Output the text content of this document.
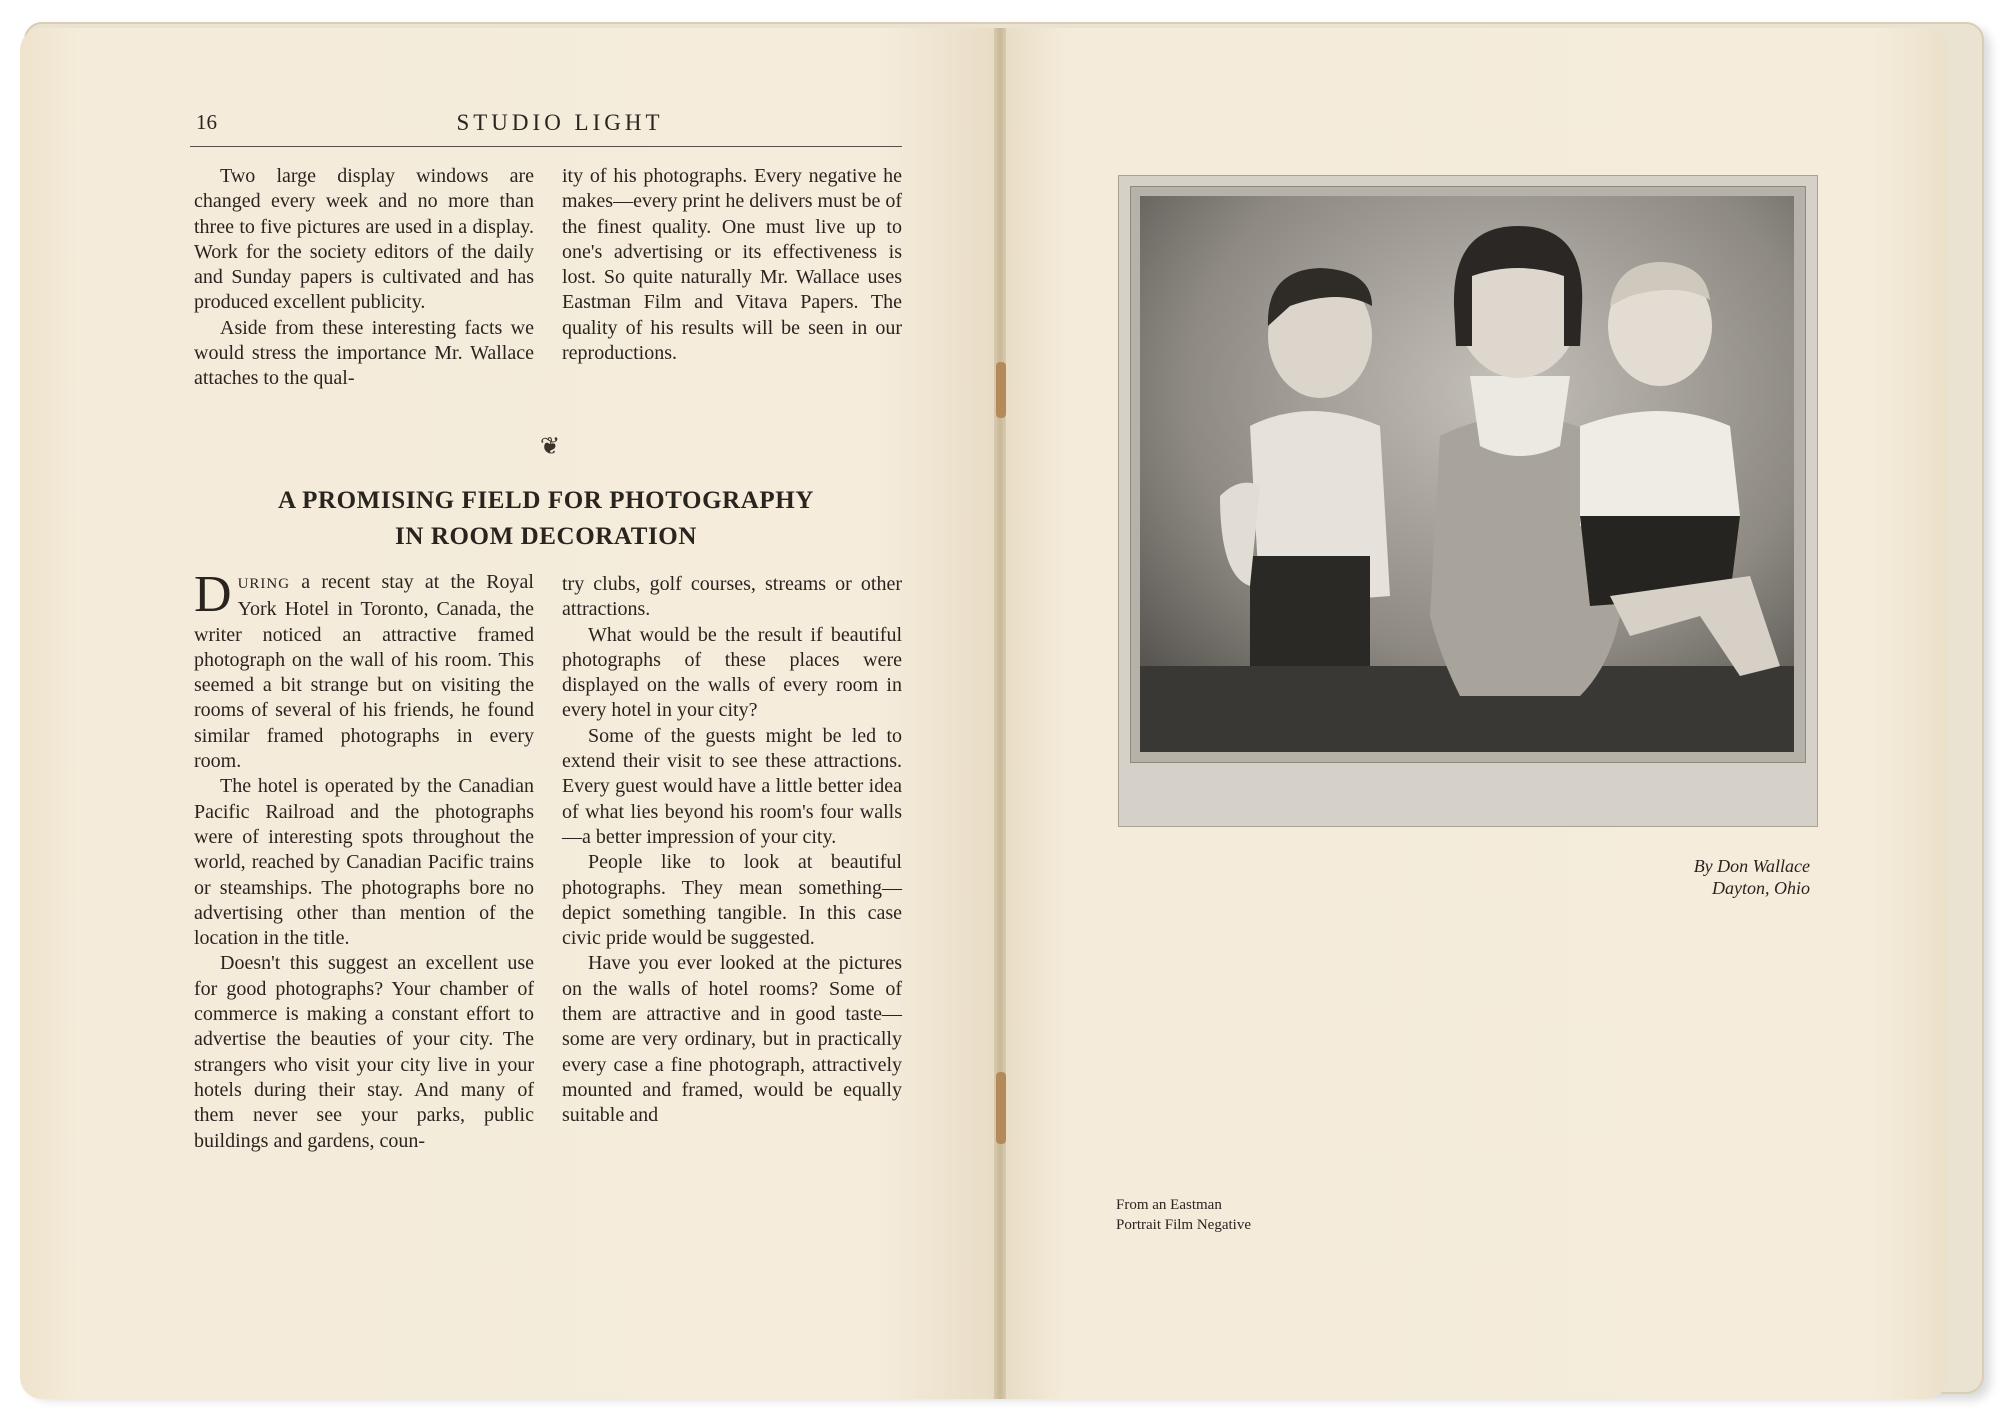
16	STUDIO LIGHT

Two large display windows are changed every week and no more than three to five pictures are used in a display. Work for the society editors of the daily and Sunday papers is cultivated and has produced excellent publicity.

Aside from these interesting facts we would stress the importance Mr. Wallace attaches to the qual-

ity of his photographs. Every negative he makes—every print he delivers must be of the finest quality. One must live up to one's advertising or its effectiveness is lost. So quite naturally Mr. Wallace uses Eastman Film and Vitava Papers. The quality of his results will be seen in our reproductions.

❦
A PROMISING FIELD FOR PHOTOGRAPHY
IN ROOM DECORATION

DURING a recent stay at the Royal York Hotel in Toronto, Canada, the writer noticed an attractive framed photograph on the wall of his room. This seemed a bit strange but on visiting the rooms of several of his friends, he found similar framed photographs in every room.

The hotel is operated by the Canadian Pacific Railroad and the photographs were of interesting spots throughout the world, reached by Canadian Pacific trains or steamships. The photographs bore no advertising other than mention of the location in the title.

Doesn't this suggest an excellent use for good photographs? Your chamber of commerce is making a constant effort to advertise the beauties of your city. The strangers who visit your city live in your hotels during their stay. And many of them never see your parks, public buildings and gardens, coun-

try clubs, golf courses, streams or other attractions.

What would be the result if beautiful photographs of these places were displayed on the walls of every room in every hotel in your city?

Some of the guests might be led to extend their visit to see these attractions. Every guest would have a little better idea of what lies beyond his room's four walls—a better impression of your city.

People like to look at beautiful photographs. They mean something—depict something tangible. In this case civic pride would be suggested.

Have you ever looked at the pictures on the walls of hotel rooms? Some of them are attractive and in good taste—some are very ordinary, but in practically every case a fine photograph, attractively mounted and framed, would be equally suitable and

By Don Wallace
Dayton, Ohio
From an Eastman
Portrait Film Negative
